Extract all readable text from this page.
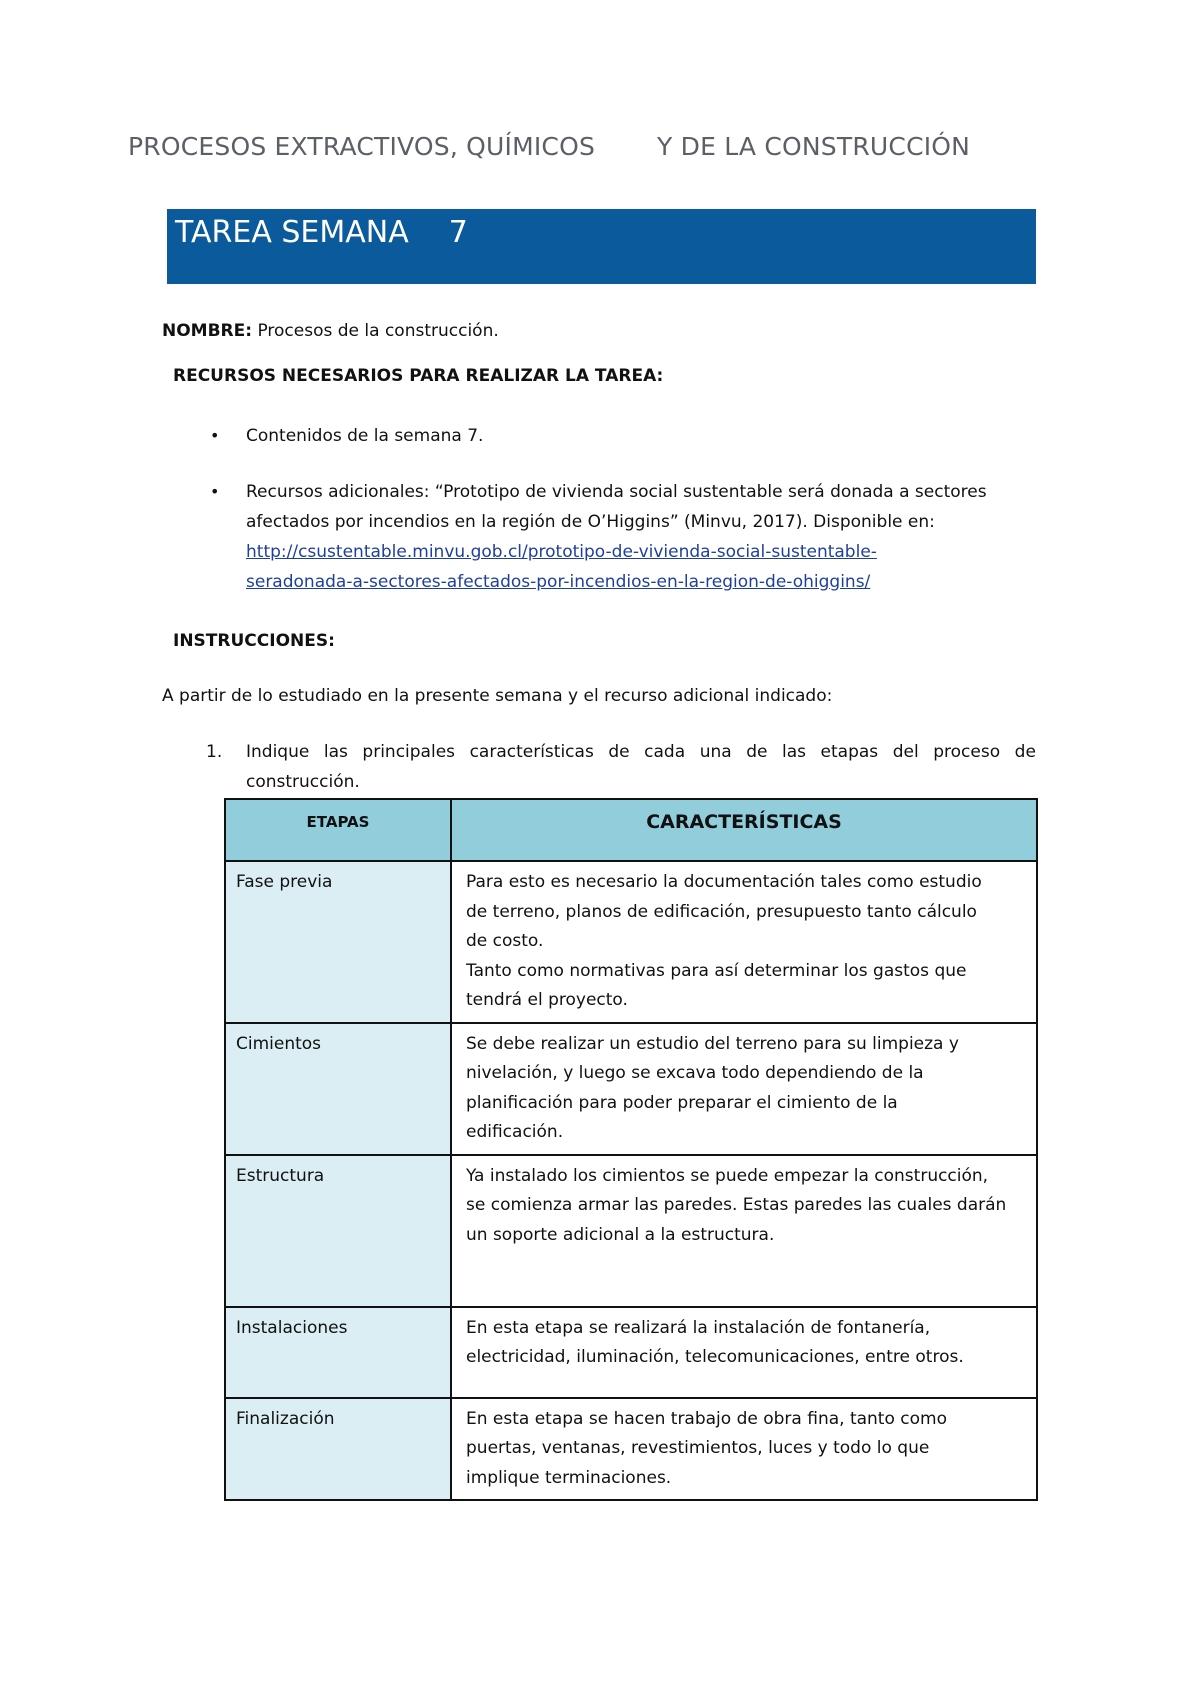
PROCESOS EXTRACTIVOS, QUÍMICOS Y DE LA CONSTRUCCIÓN
TAREA SEMANA 7
NOMBRE: Procesos de la construcción.
RECURSOS NECESARIOS PARA REALIZAR LA TAREA:
• Contenidos de la semana 7.
• Recursos adicionales: “Prototipo de vivienda social sustentable será donada a sectores
afectados por incendios en la región de O’Higgins” (Minvu, 2017). Disponible en:
http://csustentable.minvu.gob.cl/prototipo-de-vivienda-social-sustentable-
seradonada-a-sectores-afectados-por-incendios-en-la-region-de-ohiggins/
INSTRUCCIONES:
A partir de lo estudiado en la presente semana y el recurso adicional indicado:
1. Indique las principales características de cada una de las etapas del proceso de
construcción.
ETAPAS	CARACTERÍSTICAS
Fase previa	Para esto es necesario la documentación tales como estudio
de terreno, planos de edificación, presupuesto tanto cálculo
de costo.
Tanto como normativas para así determinar los gastos que
tendrá el proyecto.

Cimientos	Se debe realizar un estudio del terreno para su limpieza y
nivelación, y luego se excava todo dependiendo de la
planificación para poder preparar el cimiento de la
edificación.

Estructura	Ya instalado los cimientos se puede empezar la construcción,
se comienza armar las paredes. Estas paredes las cuales darán
un soporte adicional a la estructura.

Instalaciones	En esta etapa se realizará la instalación de fontanería,
electricidad, iluminación, telecomunicaciones, entre otros.

Finalización	En esta etapa se hacen trabajo de obra fina, tanto como
puertas, ventanas, revestimientos, luces y todo lo que
implique terminaciones.
